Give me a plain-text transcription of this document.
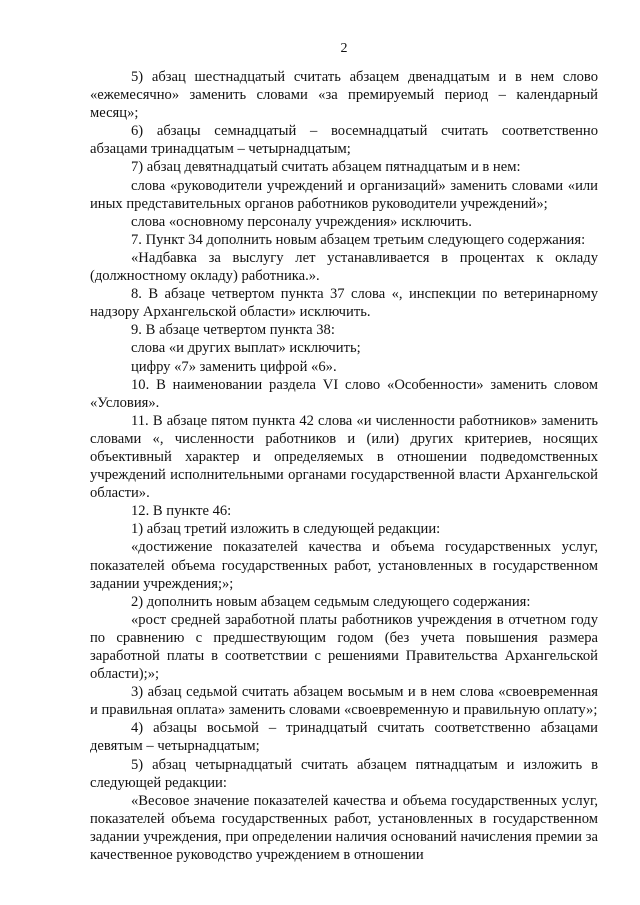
2

5) абзац шестнадцатый считать абзацем двенадцатым и в нем слово «ежемесячно» заменить словами «за премируемый период – календарный месяц»;

6) абзацы семнадцатый – восемнадцатый считать соответственно абзацами тринадцатым – четырнадцатым;

7) абзац девятнадцатый считать абзацем пятнадцатым и в нем:

слова «руководители учреждений и организаций» заменить словами «или иных представительных органов работников руководители учреждений»;

слова «основному персоналу учреждения» исключить.

7. Пункт 34 дополнить новым абзацем третьим следующего содержания:

«Надбавка за выслугу лет устанавливается в процентах к окладу (должностному окладу) работника.».

8. В абзаце четвертом пункта 37 слова «, инспекции по ветеринарному надзору Архангельской области» исключить.

9. В абзаце четвертом пункта 38:

слова «и других выплат» исключить;

цифру «7» заменить цифрой «6».

10. В наименовании раздела VI слово «Особенности» заменить словом «Условия».

11. В абзаце пятом пункта 42 слова «и численности работников» заменить словами «, численности работников и (или) других критериев, носящих объективный характер и определяемых в отношении подведомственных учреждений исполнительными органами государственной власти Архангельской области».

12. В пункте 46:

1) абзац третий изложить в следующей редакции:

«достижение показателей качества и объема государственных услуг, показателей объема государственных работ, установленных в государственном задании учреждения;»;

2) дополнить новым абзацем седьмым следующего содержания:

«рост средней заработной платы работников учреждения в отчетном году по сравнению с предшествующим годом (без учета повышения размера заработной платы в соответствии с решениями Правительства Архангельской области);»;

3) абзац седьмой считать абзацем восьмым и в нем слова «своевременная и правильная оплата» заменить словами «своевременную и правильную оплату»;

4) абзацы восьмой – тринадцатый считать соответственно абзацами девятым – четырнадцатым;

5) абзац четырнадцатый считать абзацем пятнадцатым и изложить в следующей редакции:

«Весовое значение показателей качества и объема государственных услуг, показателей объема государственных работ, установленных в государственном задании учреждения, при определении наличия оснований начисления премии за качественное руководство учреждением в отношении
